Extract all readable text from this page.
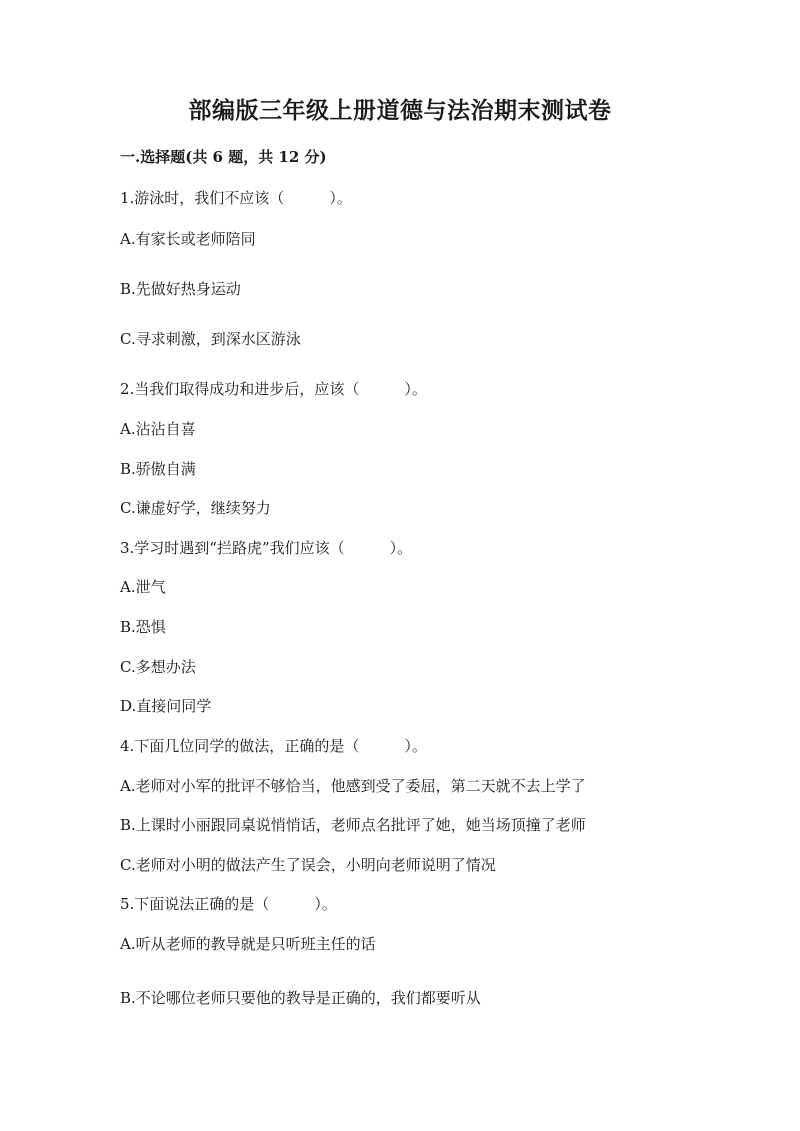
部编版三年级上册道德与法治期末测试卷
一.选择题(共 6 题，共 12 分)
1.游泳时，我们不应该（　　　）。
A.有家长或老师陪同
B.先做好热身运动
C.寻求刺激，到深水区游泳
2.当我们取得成功和进步后，应该（　　　）。
A.沾沾自喜
B.骄傲自满
C.谦虚好学，继续努力
3.学习时遇到“拦路虎”我们应该（　　　）。
A.泄气
B.恐惧
C.多想办法
D.直接问同学
4.下面几位同学的做法，正确的是（　　　）。
A.老师对小军的批评不够恰当，他感到受了委屈，第二天就不去上学了
B.上课时小丽跟同桌说悄悄话，老师点名批评了她，她当场顶撞了老师
C.老师对小明的做法产生了误会，小明向老师说明了情况
5.下面说法正确的是（　　　）。
A.听从老师的教导就是只听班主任的话
B.不论哪位老师只要他的教导是正确的，我们都要听从
